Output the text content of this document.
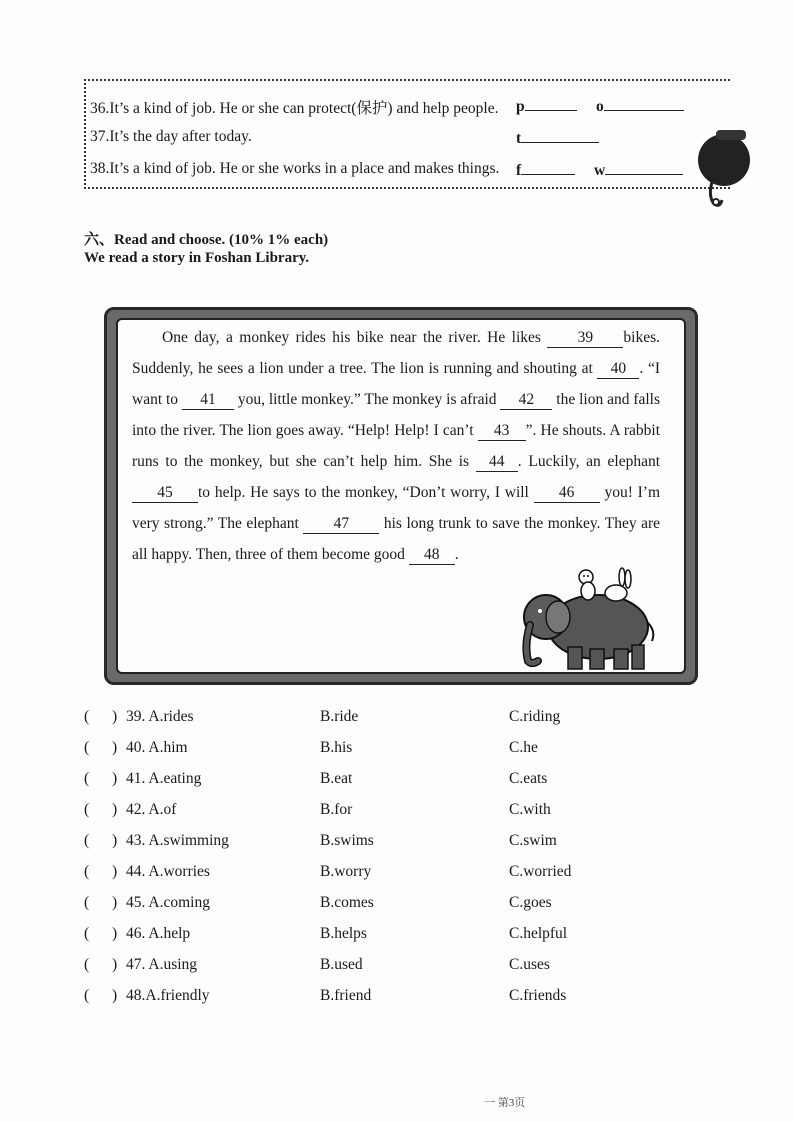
36.It’s a kind of job. He or she can protect(保护) and help people. p	o
37.It’s the day after today.	t
38.It’s a kind of job. He or she works in a place and makes things. f	w
六、Read and choose. (10% 1% each)
We read a story in Foshan Library.
One day, a monkey rides his bike near the river. He likes 39 bikes. Suddenly, he sees a lion under a tree. The lion is running and shouting at 40 . “I want to 41 you, little monkey.” The monkey is afraid 42 the lion and falls into the river. The lion goes away. “Help! Help! I can’t 43 ”. He shouts. A rabbit runs to the monkey, but she can’t help him. She is 44 . Luckily, an elephant 45 to help. He says to the monkey, “Don’t worry, I will 46 you! I’m very strong.” The elephant 47 his long trunk to save the monkey. They are all happy. Then, three of them become good 48 .
( ) 39. A.rides	B.ride	C.riding
( ) 40. A.him	B.his	C.he
( ) 41. A.eating	B.eat	C.eats
( ) 42. A.of	B.for	C.with
( ) 43. A.swimming	B.swims	C.swim
( ) 44. A.worries	B.worry	C.worried
( ) 45. A.coming	B.comes	C.goes
( ) 46. A.help	B.helps	C.helpful
( ) 47. A.using	B.used	C.uses
( ) 48.A.friendly	B.friend	C.friends
一 第3页
